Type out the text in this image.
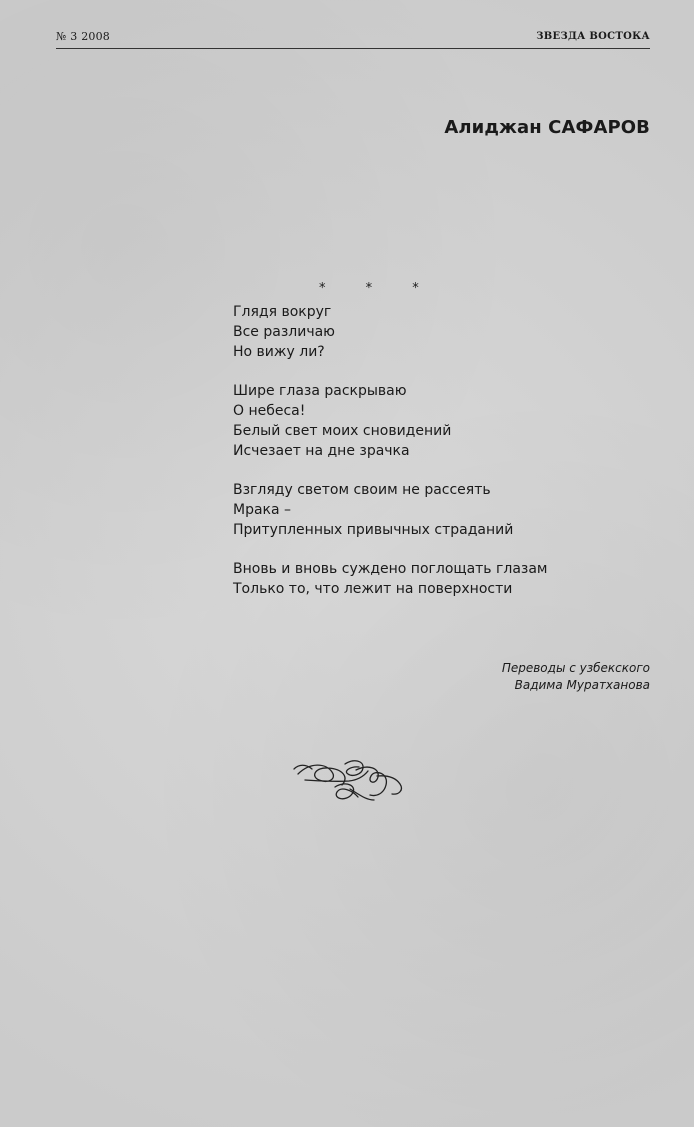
№ 3 2008	ЗВЕЗДА ВОСТОКА
Алиджан САФАРОВ
* * *
Глядя вокруг
Все различаю
Но вижу ли?
Шире глаза раскрываю
О небеса!
Белый свет моих сновидений
Исчезает на дне зрачка
Взгляду светом своим не рассеять
Мрака –
Притупленных привычных страданий
Вновь и вновь суждено поглощать глазам
Только то, что лежит на поверхности
Переводы с узбекского
Вадима Муратханова
